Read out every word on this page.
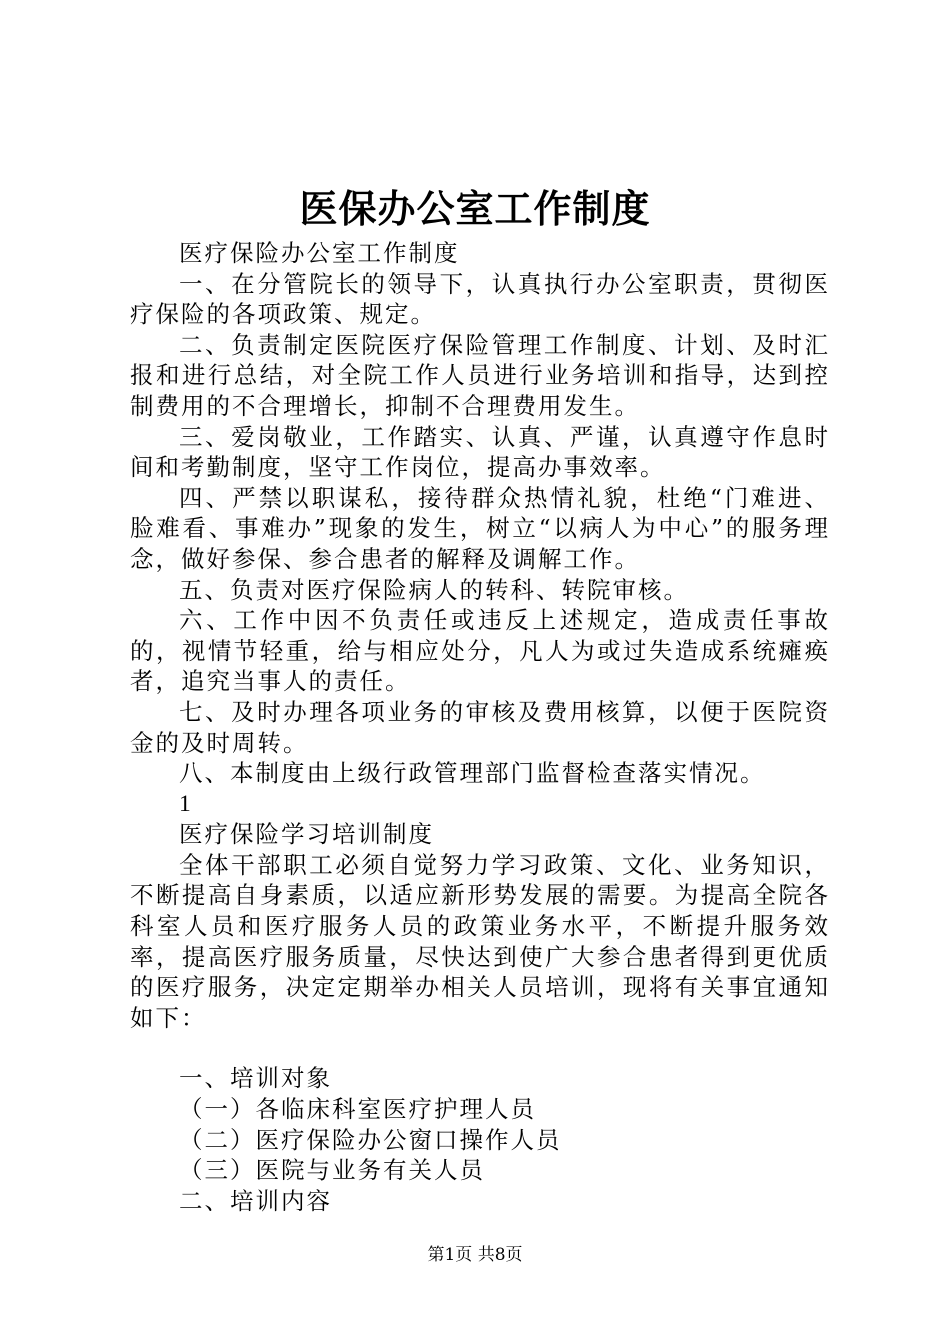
医保办公室工作制度

医疗保险办公室工作制度

一、在分管院长的领导下，认真执行办公室职责，贯彻医疗保险的各项政策、规定。

二、负责制定医院医疗保险管理工作制度、计划、及时汇报和进行总结，对全院工作人员进行业务培训和指导，达到控制费用的不合理增长，抑制不合理费用发生。

三、爱岗敬业，工作踏实、认真、严谨，认真遵守作息时间和考勤制度，坚守工作岗位，提高办事效率。

四、严禁以职谋私，接待群众热情礼貌，杜绝“门难进、脸难看、事难办”现象的发生，树立“以病人为中心”的服务理念，做好参保、参合患者的解释及调解工作。

五、负责对医疗保险病人的转科、转院审核。

六、工作中因不负责任或违反上述规定，造成责任事故的，视情节轻重，给与相应处分，凡人为或过失造成系统瘫痪者，追究当事人的责任。

七、及时办理各项业务的审核及费用核算，以便于医院资金的及时周转。

八、本制度由上级行政管理部门监督检查落实情况。

1

医疗保险学习培训制度

全体干部职工必须自觉努力学习政策、文化、业务知识，不断提高自身素质，以适应新形势发展的需要。为提高全院各科室人员和医疗服务人员的政策业务水平，不断提升服务效率，提高医疗服务质量，尽快达到使广大参合患者得到更优质的医疗服务，决定定期举办相关人员培训，现将有关事宜通知如下：

一、培训对象

（一）各临床科室医疗护理人员

（二）医疗保险办公窗口操作人员

（三）医院与业务有关人员

二、培训内容

第1页 共8页
